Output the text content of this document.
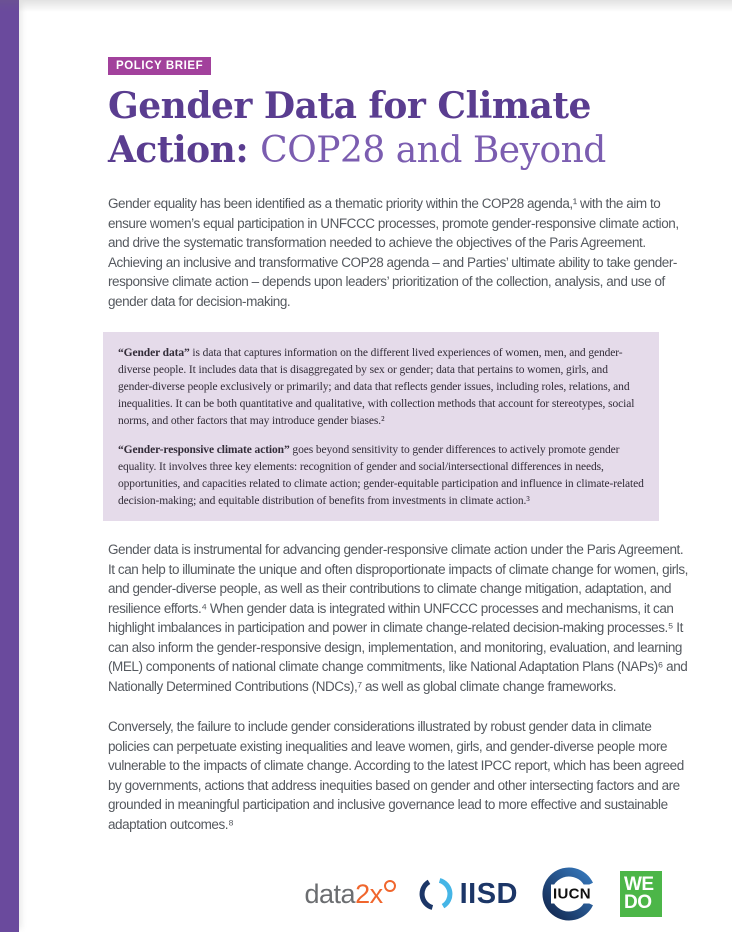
POLICY BRIEF
Gender Data for Climate
Action: COP28 and Beyond

Gender equality has been identified as a thematic priority within the COP28 agenda,¹ with the aim to ensure women’s equal participation in UNFCCC processes, promote gender-responsive climate action, and drive the systematic transformation needed to achieve the objectives of the Paris Agreement. Achieving an inclusive and transformative COP28 agenda – and Parties’ ultimate ability to take gender-responsive climate action – depends upon leaders’ prioritization of the collection, analysis, and use of gender data for decision-making.

“Gender data” is data that captures information on the different lived experiences of women, men, and gender-diverse people. It includes data that is disaggregated by sex or gender; data that pertains to women, girls, and gender-diverse people exclusively or primarily; and data that reflects gender issues, including roles, relations, and inequalities. It can be both quantitative and qualitative, with collection methods that account for stereotypes, social norms, and other factors that may introduce gender biases.²

“Gender-responsive climate action” goes beyond sensitivity to gender differences to actively promote gender equality. It involves three key elements: recognition of gender and social/intersectional differences in needs, opportunities, and capacities related to climate action; gender-equitable participation and influence in climate-related decision-making; and equitable distribution of benefits from investments in climate action.³

Gender data is instrumental for advancing gender-responsive climate action under the Paris Agreement. It can help to illuminate the unique and often disproportionate impacts of climate change for women, girls, and gender-diverse people, as well as their contributions to climate change mitigation, adaptation, and resilience efforts.⁴ When gender data is integrated within UNFCCC processes and mechanisms, it can highlight imbalances in participation and power in climate change-related decision-making processes.⁵ It can also inform the gender-responsive design, implementation, and monitoring, evaluation, and learning (MEL) components of national climate change commitments, like National Adaptation Plans (NAPs)⁶ and Nationally Determined Contributions (NDCs),⁷ as well as global climate change frameworks.

Conversely, the failure to include gender considerations illustrated by robust gender data in climate policies can perpetuate existing inequalities and leave women, girls, and gender-diverse people more vulnerable to the impacts of climate change. According to the latest IPCC report, which has been agreed by governments, actions that address inequities based on gender and other intersecting factors and are grounded in meaningful participation and inclusive governance lead to more effective and sustainable adaptation outcomes.⁸

data 2x	IISD IUCN WE
DO
